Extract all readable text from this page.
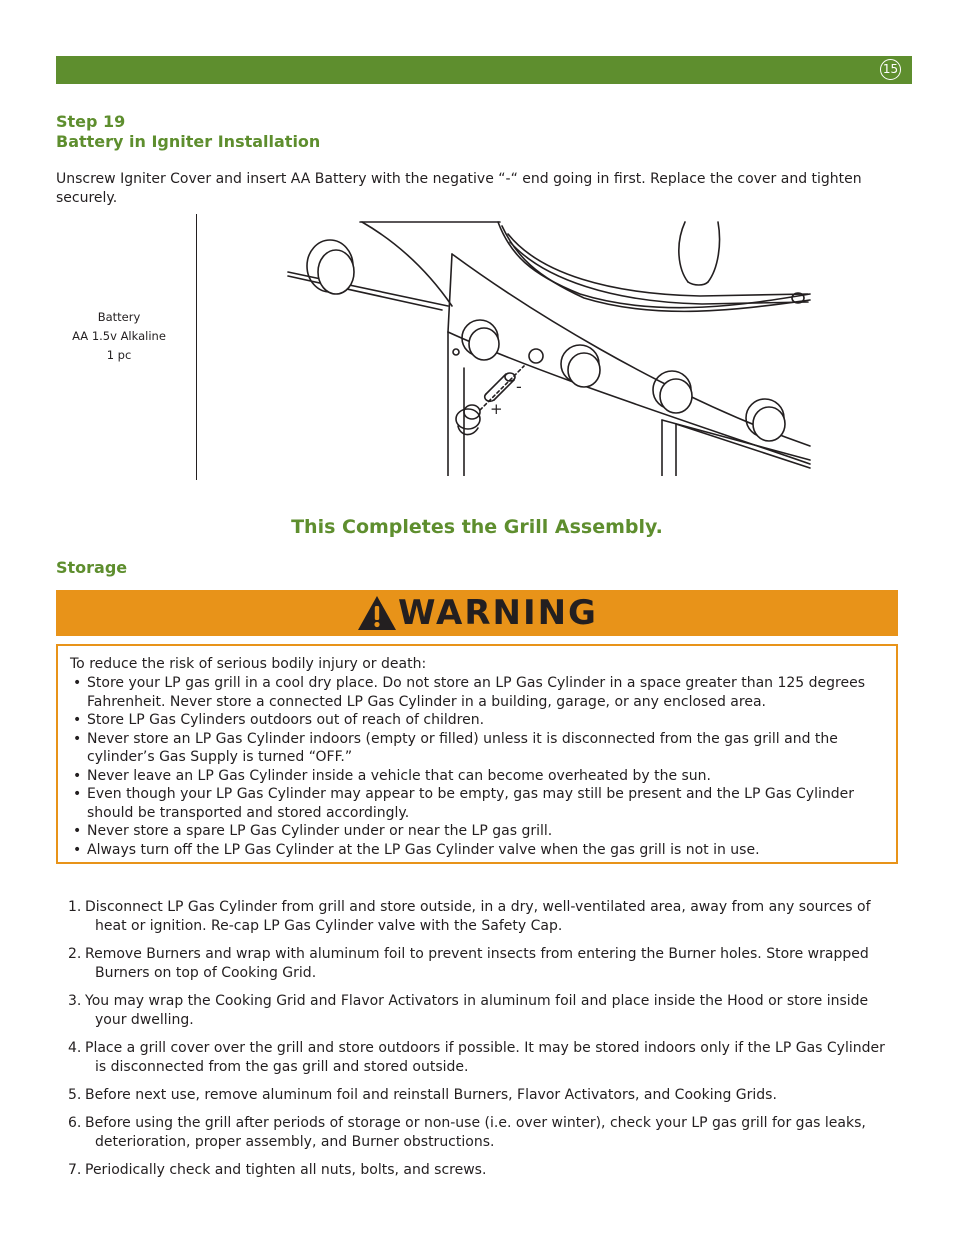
15
Step 19
Battery in Igniter Installation
Unscrew Igniter Cover and insert AA Battery with the negative “-“ end going in first. Replace the cover and tighten securely.
Battery
AA 1.5v Alkaline
1 pc
-
+
This Completes the Grill Assembly.
Storage
WARNING
To reduce the risk of serious bodily injury or death:
• Store your LP gas grill in a cool dry place. Do not store an LP Gas Cylinder in a space greater than 125 degrees Fahrenheit. Never store a connected LP Gas Cylinder in a building, garage, or any enclosed area.
• Store LP Gas Cylinders outdoors out of reach of children.
• Never store an LP Gas Cylinder indoors (empty or filled) unless it is disconnected from the gas grill and the cylinder’s Gas Supply is turned “OFF.”
• Never leave an LP Gas Cylinder inside a vehicle that can become overheated by the sun.
• Even though your LP Gas Cylinder may appear to be empty, gas may still be present and the LP Gas Cylinder should be transported and stored accordingly.
• Never store a spare LP Gas Cylinder under or near the LP gas grill.
• Always turn off the LP Gas Cylinder at the LP Gas Cylinder valve when the gas grill is not in use.
1. Disconnect LP Gas Cylinder from grill and store outside, in a dry, well-ventilated area, away from any sources of heat or ignition. Re-cap LP Gas Cylinder valve with the Safety Cap.
2. Remove Burners and wrap with aluminum foil to prevent insects from entering the Burner holes. Store wrapped Burners on top of Cooking Grid.
3. You may wrap the Cooking Grid and Flavor Activators in aluminum foil and place inside the Hood or store inside your dwelling.
4. Place a grill cover over the grill and store outdoors if possible. It may be stored indoors only if the LP Gas Cylinder is disconnected from the gas grill and stored outside.
5. Before next use, remove aluminum foil and reinstall Burners, Flavor Activators, and Cooking Grids.
6. Before using the grill after periods of storage or non-use (i.e. over winter), check your LP gas grill for gas leaks, deterioration, proper assembly, and Burner obstructions.
7. Periodically check and tighten all nuts, bolts, and screws.
